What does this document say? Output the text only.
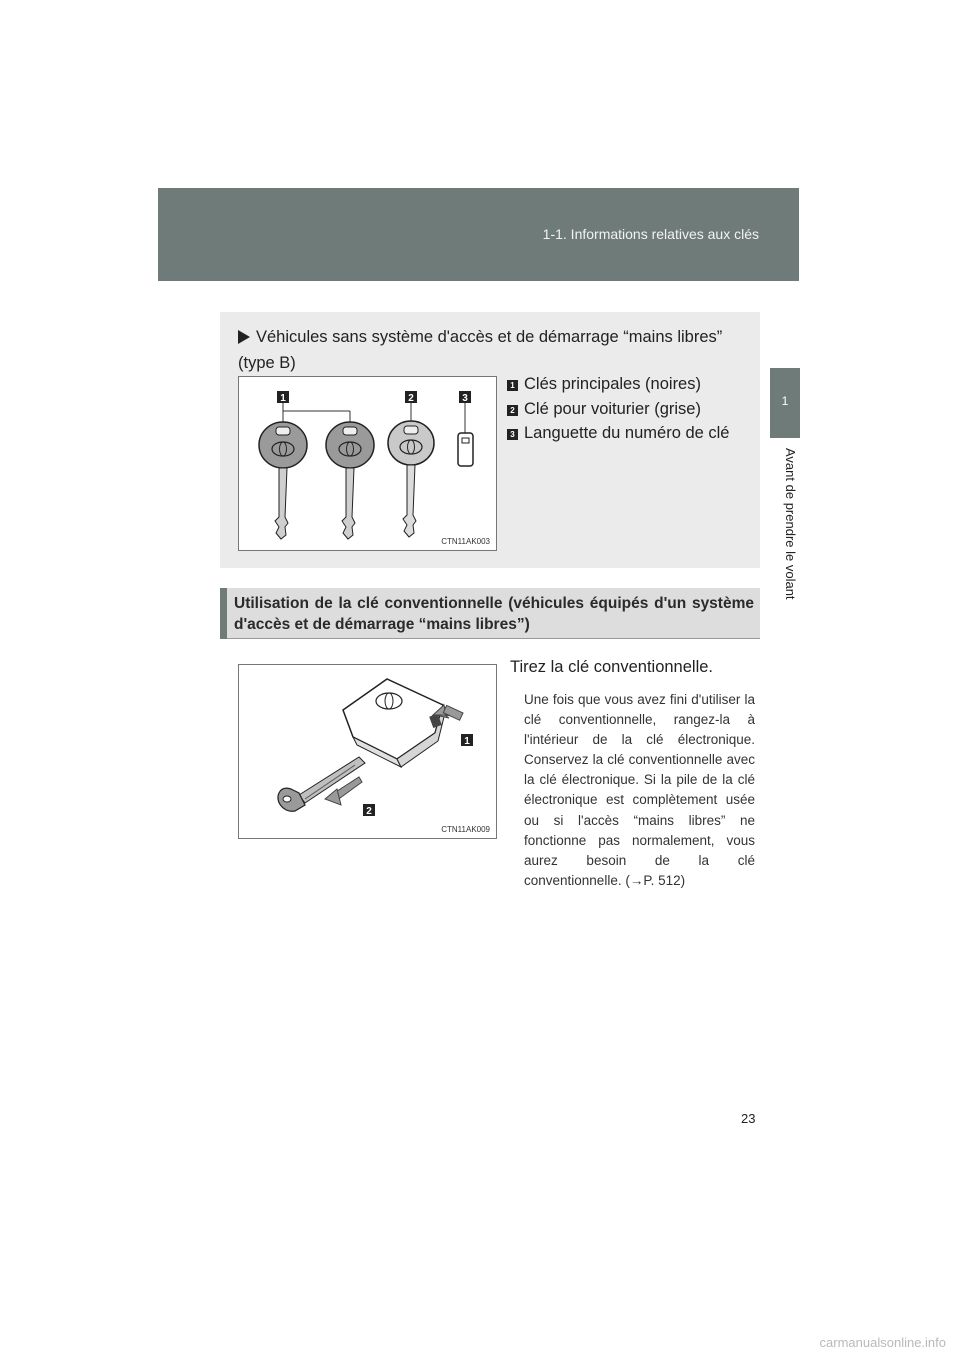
1-1. Informations relatives aux clés
1
Avant de prendre le volant
Véhicules sans système d'accès et de démarrage “mains libres” (type B)
1	2	3
CTN11AK003
1 Clés principales (noires)
2 Clé pour voiturier (grise)
3 Languette du numéro de clé
Utilisation de la clé conventionnelle (véhicules équipés d'un système d'accès et de démarrage “mains libres”)
1
2
CTN11AK009
Tirez la clé conventionnelle.
Une fois que vous avez fini d'utiliser la clé conventionnelle, rangez-la à l'intérieur de la clé électronique. Conservez la clé conventionnelle avec la clé électronique. Si la pile de la clé électronique est complètement usée ou si l'accès “mains libres” ne fonctionne pas normalement, vous aurez besoin de la clé conventionnelle. (→P. 512)
23
carmanualsonline.info
